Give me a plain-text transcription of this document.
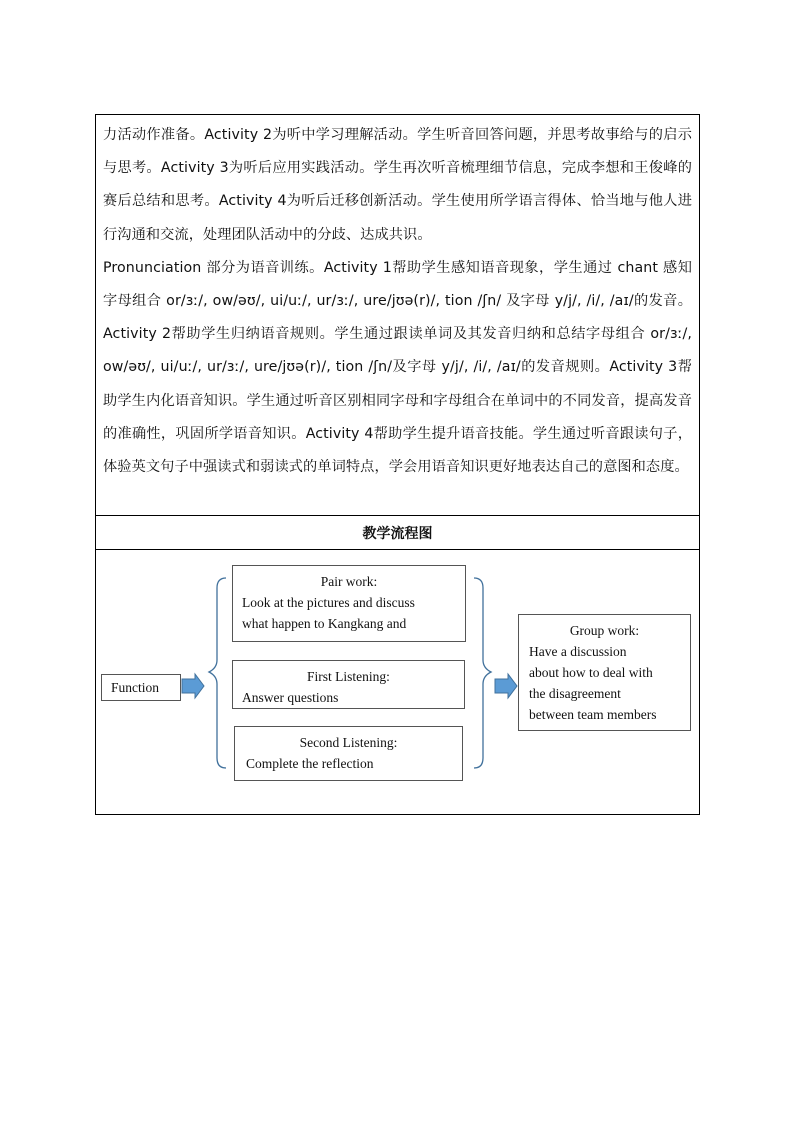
力活动作准备。Activity 2为听中学习理解活动。学生听音回答问题，并思考故事给与的启示与思考。Activity 3为听后应用实践活动。学生再次听音梳理细节信息，完成李想和王俊峰的赛后总结和思考。Activity 4为听后迁移创新活动。学生使用所学语言得体、恰当地与他人进行沟通和交流，处理团队活动中的分歧、达成共识。

Pronunciation 部分为语音训练。Activity 1帮助学生感知语音现象，学生通过 chant 感知字母组合 or/ɜː/, ow/əʊ/, ui/uː/, ur/ɜː/, ure/jʊə(r)/, tion /ʃn/ 及字母 y/j/, /i/, /aɪ/的发音。Activity 2帮助学生归纳语音规则。学生通过跟读单词及其发音归纳和总结字母组合 or/ɜː/, ow/əʊ/, ui/uː/, ur/ɜː/, ure/jʊə(r)/, tion /ʃn/及字母 y/j/, /i/, /aɪ/的发音规则。Activity 3帮助学生内化语音知识。学生通过听音区别相同字母和字母组合在单词中的不同发音，提高发音的准确性，巩固所学语音知识。Activity 4帮助学生提升语音技能。学生通过听音跟读句子，体验英文句子中强读式和弱读式的单词特点，学会用语音知识更好地表达自己的意图和态度。

教学流程图
Function
Pair work:
Look at the pictures and discuss
what happen to Kangkang and
First Listening:
Answer questions
Second Listening:
Complete the reflection
Group work:
Have a discussion
about how to deal with
the disagreement
between team members
